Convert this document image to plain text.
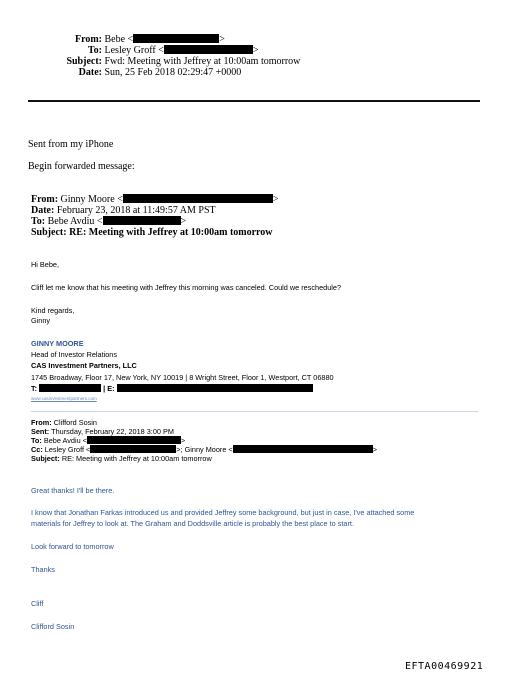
From: Bebe <	>
To: Lesley Groff <	>
Subject: Fwd: Meeting with Jeffrey at 10:00am tomorrow
Date: Sun, 25 Feb 2018 02:29:47 +0000
Sent from my iPhone
Begin forwarded message:
From: Ginny Moore <	>
Date: February 23, 2018 at 11:49:57 AM PST
To: Bebe Avdiu <	>
Subject: RE: Meeting with Jeffrey at 10:00am tomorrow
Hi Bebe,
Cliff let me know that his meeting with Jeffrey this morning was canceled. Could we reschedule?
Kind regards,
Ginny
GINNY MOORE
Head of Investor Relations
CAS Investment Partners, LLC
1745 Broadway, Floor 17, New York, NY 10019 | 8 Wright Street, Floor 1, Westport, CT 06880
T:	| E:
www.casinvestmentpartners.com
From: Clifford Sosin
Sent: Thursday, February 22, 2018 3:00 PM
To: Bebe Avdiu <	>
Cc: Lesley Groff <	>; Ginny Moore <	>
Subject: RE: Meeting with Jeffrey at 10:00am tomorrow
Great thanks! I'll be there.
I know that Jonathan Farkas introduced us and provided Jeffrey some background, but just in case, I've attached some
materials for Jeffrey to look at. The Graham and Doddsville article is probably the best place to start.
Look forward to tomorrow
Thanks
Cliff
Clifford Sosin
EFTA00469921
